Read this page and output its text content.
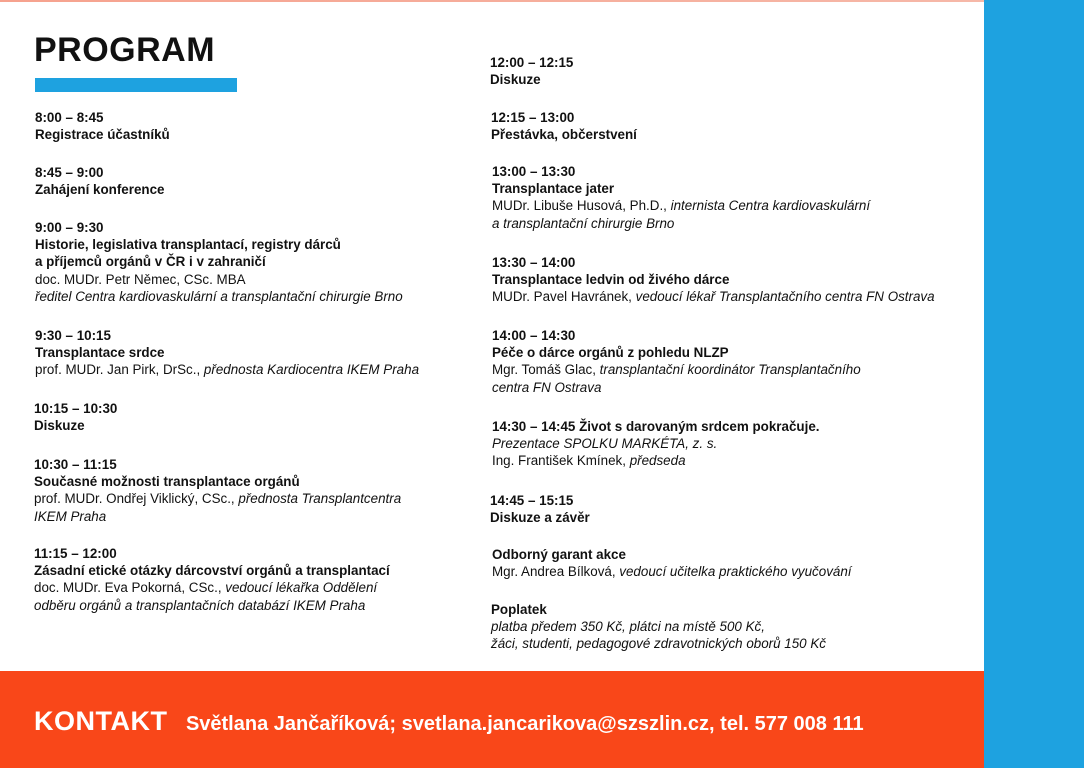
PROGRAM
8:00 – 8:45
Registrace účastníků
8:45 – 9:00
Zahájení konference
9:00 – 9:30
Historie, legislativa transplantací, registry dárců
a příjemců orgánů v ČR i v zahraničí
doc. MUDr. Petr Němec, CSc. MBA
ředitel Centra kardiovaskulární a transplantační chirurgie Brno
9:30 – 10:15
Transplantace srdce
prof. MUDr. Jan Pirk, DrSc., přednosta Kardiocentra IKEM Praha
10:15 – 10:30
Diskuze
10:30 – 11:15
Současné možnosti transplantace orgánů
prof. MUDr. Ondřej Viklický, CSc., přednosta Transplantcentra
IKEM Praha
11:15 – 12:00
Zásadní etické otázky dárcovství orgánů a transplantací
doc. MUDr. Eva Pokorná, CSc., vedoucí lékařka Oddělení
odběru orgánů a transplantačních databází IKEM Praha
12:00 – 12:15
Diskuze
12:15 – 13:00
Přestávka, občerstvení
13:00 – 13:30
Transplantace jater
MUDr. Libuše Husová, Ph.D., internista Centra kardiovaskulární
a transplantační chirurgie Brno
13:30 – 14:00
Transplantace ledvin od živého dárce
MUDr. Pavel Havránek, vedoucí lékař Transplantačního centra FN Ostrava
14:00 – 14:30
Péče o dárce orgánů z pohledu NLZP
Mgr. Tomáš Glac, transplantační koordinátor Transplantačního
centra FN Ostrava
14:30 – 14:45 Život s darovaným srdcem pokračuje.
Prezentace SPOLKU MARKÉTA, z. s.
Ing. František Kmínek, předseda
14:45 – 15:15
Diskuze a závěr
Odborný garant akce
Mgr. Andrea Bílková, vedoucí učitelka praktického vyučování
Poplatek
platba předem 350 Kč, plátci na místě 500 Kč,
žáci, studenti, pedagogové zdravotnických oborů 150 Kč
KONTAKT Světlana Jančaříková; svetlana.jancarikova@szszlin.cz, tel. 577 008 111
